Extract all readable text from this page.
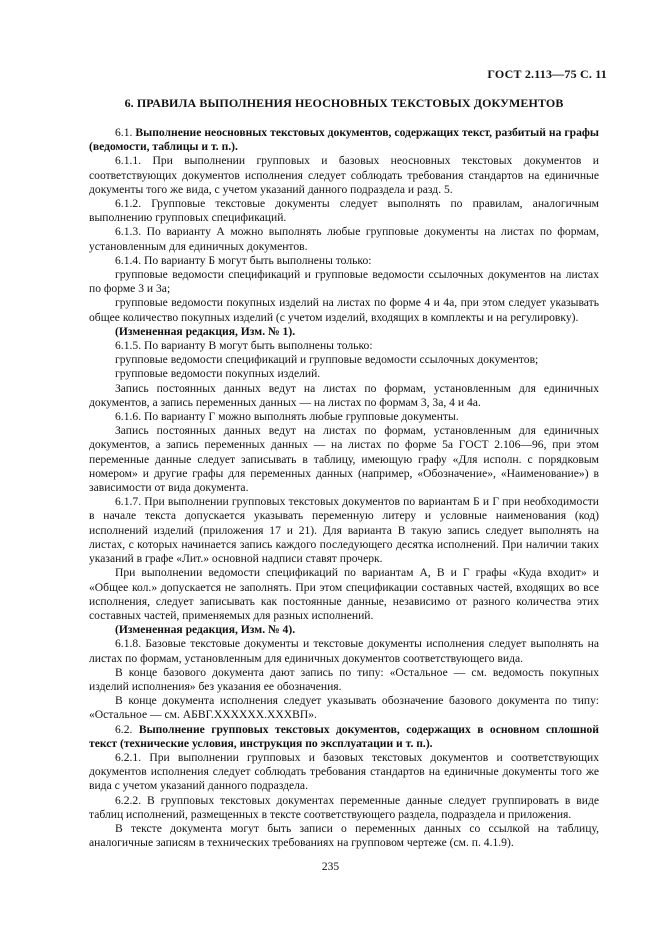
ГОСТ 2.113—75 С. 11
6. ПРАВИЛА ВЫПОЛНЕНИЯ НЕОСНОВНЫХ ТЕКСТОВЫХ ДОКУМЕНТОВ

6.1. Выполнение неосновных текстовых документов, содержащих текст, разбитый на графы (ведомости, таблицы и т. п.).

6.1.1. При выполнении групповых и базовых неосновных текстовых документов и соответствующих документов исполнения следует соблюдать требования стандартов на единичные документы того же вида, с учетом указаний данного подраздела и разд. 5.

6.1.2. Групповые текстовые документы следует выполнять по правилам, аналогичным выполнению групповых спецификаций.

6.1.3. По варианту А можно выполнять любые групповые документы на листах по формам, установленным для единичных документов.

6.1.4. По варианту Б могут быть выполнены только:

групповые ведомости спецификаций и групповые ведомости ссылочных документов на листах по форме 3 и 3а;

групповые ведомости покупных изделий на листах по форме 4 и 4а, при этом следует указывать общее количество покупных изделий (с учетом изделий, входящих в комплекты и на регулировку).

(Измененная редакция, Изм. № 1).

6.1.5. По варианту В могут быть выполнены только:

групповые ведомости спецификаций и групповые ведомости ссылочных документов;

групповые ведомости покупных изделий.

Запись постоянных данных ведут на листах по формам, установленным для единичных документов, а запись переменных данных — на листах по формам 3, 3а, 4 и 4а.

6.1.6. По варианту Г можно выполнять любые групповые документы.

Запись постоянных данных ведут на листах по формам, установленным для единичных документов, а запись переменных данных — на листах по форме 5а ГОСТ 2.106—96, при этом переменные данные следует записывать в таблицу, имеющую графу «Для исполн. с порядковым номером» и другие графы для переменных данных (например, «Обозначение», «Наименование») в зависимости от вида документа.

6.1.7. При выполнении групповых текстовых документов по вариантам Б и Г при необходимости в начале текста допускается указывать переменную литеру и условные наименования (код) исполнений изделий (приложения 17 и 21). Для варианта В такую запись следует выполнять на листах, с которых начинается запись каждого последующего десятка исполнений. При наличии таких указаний в графе «Лит.» основной надписи ставят прочерк.

При выполнении ведомости спецификаций по вариантам А, В и Г графы «Куда входит» и «Общее кол.» допускается не заполнять. При этом спецификации составных частей, входящих во все исполнения, следует записывать как постоянные данные, независимо от разного количества этих составных частей, применяемых для разных исполнений.

(Измененная редакция, Изм. № 4).

6.1.8. Базовые текстовые документы и текстовые документы исполнения следует выполнять на листах по формам, установленным для единичных документов соответствующего вида.

В конце базового документа дают запись по типу: «Остальное — см. ведомость покупных изделий исполнения» без указания ее обозначения.

В конце документа исполнения следует указывать обозначение базового документа по типу: «Остальное — см. АБВГ.XXXXXX.XXXВП».

6.2. Выполнение групповых текстовых документов, содержащих в основном сплошной текст (технические условия, инструкция по эксплуатации и т. п.).

6.2.1. При выполнении групповых и базовых текстовых документов и соответствующих документов исполнения следует соблюдать требования стандартов на единичные документы того же вида с учетом указаний данного подраздела.

6.2.2. В групповых текстовых документах переменные данные следует группировать в виде таблиц исполнений, размещенных в тексте соответствующего раздела, подраздела и приложения.

В тексте документа могут быть записи о переменных данных со ссылкой на таблицу, аналогичные записям в технических требованиях на групповом чертеже (см. п. 4.1.9).

235
